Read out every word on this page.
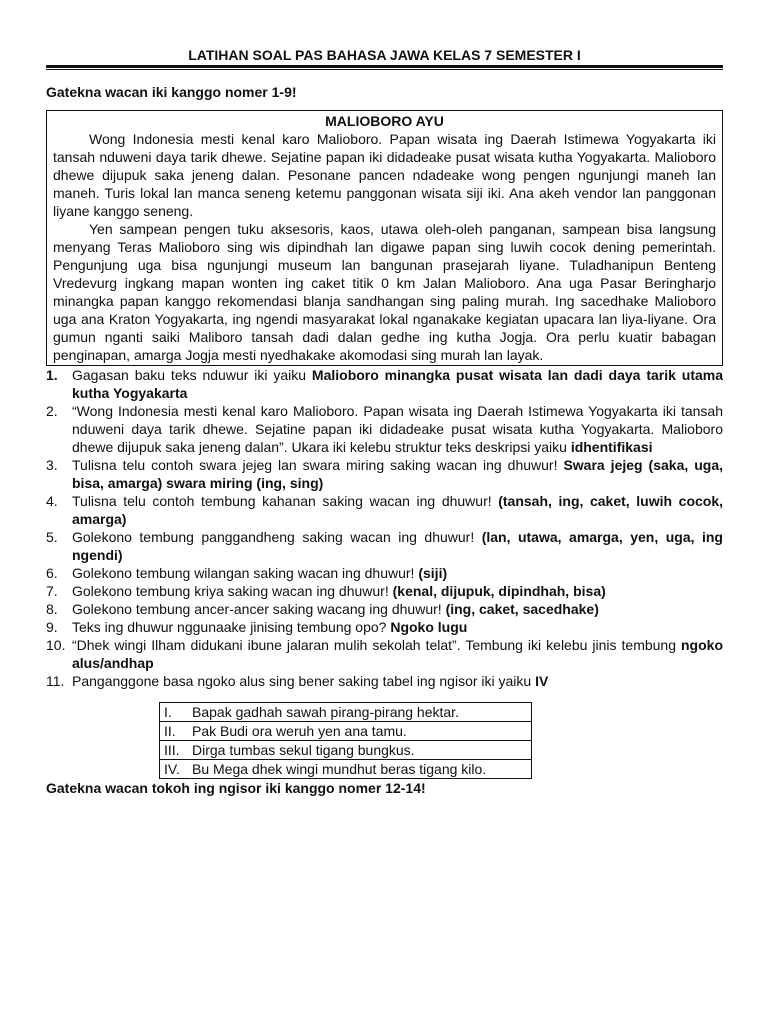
LATIHAN SOAL PAS BAHASA JAWA KELAS 7 SEMESTER I
Gatekna wacan iki kanggo nomer 1-9!
MALIOBORO AYU

Wong Indonesia mesti kenal karo Malioboro. Papan wisata ing Daerah Istimewa Yogyakarta iki tansah nduweni daya tarik dhewe. Sejatine papan iki didadeake pusat wisata kutha Yogyakarta. Malioboro dhewe dijupuk saka jeneng dalan. Pesonane pancen ndadeake wong pengen ngunjungi maneh lan maneh. Turis lokal lan manca seneng ketemu panggonan wisata siji iki. Ana akeh vendor lan panggonan liyane kanggo seneng.

Yen sampean pengen tuku aksesoris, kaos, utawa oleh-oleh panganan, sampean bisa langsung menyang Teras Malioboro sing wis dipindhah lan digawe papan sing luwih cocok dening pemerintah. Pengunjung uga bisa ngunjungi museum lan bangunan prasejarah liyane. Tuladhanipun Benteng Vredevurg ingkang mapan wonten ing caket titik 0 km Jalan Malioboro. Ana uga Pasar Beringharjo minangka papan kanggo rekomendasi blanja sandhangan sing paling murah. Ing sacedhake Malioboro uga ana Kraton Yogyakarta, ing ngendi masyarakat lokal nganakake kegiatan upacara lan liya-liyane. Ora gumun nganti saiki Maliboro tansah dadi dalan gedhe ing kutha Jogja. Ora perlu kuatir babagan penginapan, amarga Jogja mesti nyedhakake akomodasi sing murah lan layak.

1. Gagasan baku teks nduwur iki yaiku Malioboro minangka pusat wisata lan dadi daya tarik utama kutha Yogyakarta
2. “Wong Indonesia mesti kenal karo Malioboro. Papan wisata ing Daerah Istimewa Yogyakarta iki tansah nduweni daya tarik dhewe. Sejatine papan iki didadeake pusat wisata kutha Yogyakarta. Malioboro dhewe dijupuk saka jeneng dalan”. Ukara iki kelebu struktur teks deskripsi yaiku idhentifikasi
3. Tulisna telu contoh swara jejeg lan swara miring saking wacan ing dhuwur! Swara jejeg (saka, uga, bisa, amarga) swara miring (ing, sing)
4. Tulisna telu contoh tembung kahanan saking wacan ing dhuwur! (tansah, ing, caket, luwih cocok, amarga)
5. Golekono tembung panggandheng saking wacan ing dhuwur! (lan, utawa, amarga, yen, uga, ing ngendi)
6. Golekono tembung wilangan saking wacan ing dhuwur! (siji)
7. Golekono tembung kriya saking wacan ing dhuwur! (kenal, dijupuk, dipindhah, bisa)
8. Golekono tembung ancer-ancer saking wacang ing dhuwur! (ing, caket, sacedhake)
9. Teks ing dhuwur nggunaake jinising tembung opo? Ngoko lugu
10. “Dhek wingi Ilham didukani ibune jalaran mulih sekolah telat”. Tembung iki kelebu jinis tembung ngoko alus/andhap
11. Panganggone basa ngoko alus sing bener saking tabel ing ngisor iki yaiku IV
I.	Bapak gadhah sawah pirang-pirang hektar.
II.	Pak Budi ora weruh yen ana tamu.
III.	Dirga tumbas sekul tigang bungkus.
IV.	Bu Mega dhek wingi mundhut beras tigang kilo.
Gatekna wacan tokoh ing ngisor iki kanggo nomer 12-14!
